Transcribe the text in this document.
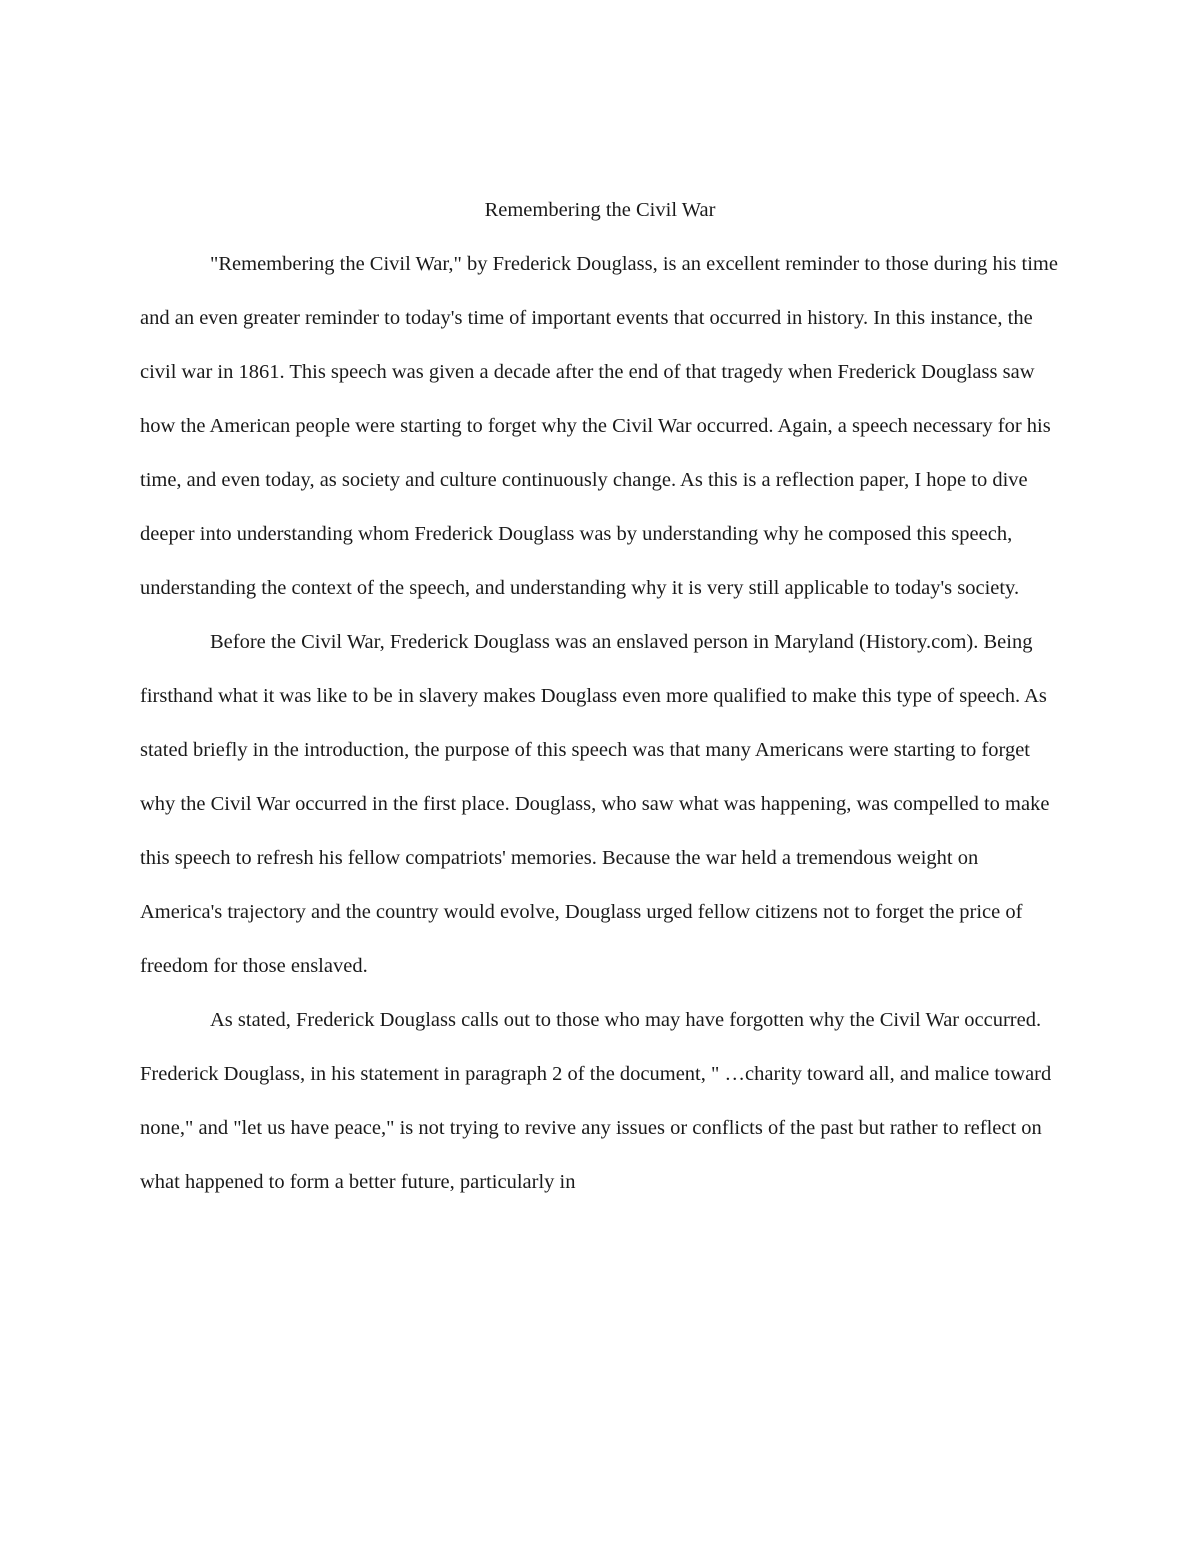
Remembering the Civil War

"Remembering the Civil War," by Frederick Douglass, is an excellent reminder to those during his time and an even greater reminder to today's time of important events that occurred in history. In this instance, the civil war in 1861. This speech was given a decade after the end of that tragedy when Frederick Douglass saw how the American people were starting to forget why the Civil War occurred. Again, a speech necessary for his time, and even today, as society and culture continuously change. As this is a reflection paper, I hope to dive deeper into understanding whom Frederick Douglass was by understanding why he composed this speech, understanding the context of the speech, and understanding why it is very still applicable to today's society.

Before the Civil War, Frederick Douglass was an enslaved person in Maryland (History.com). Being firsthand what it was like to be in slavery makes Douglass even more qualified to make this type of speech. As stated briefly in the introduction, the purpose of this speech was that many Americans were starting to forget why the Civil War occurred in the first place. Douglass, who saw what was happening, was compelled to make this speech to refresh his fellow compatriots' memories. Because the war held a tremendous weight on America's trajectory and the country would evolve, Douglass urged fellow citizens not to forget the price of freedom for those enslaved.

As stated, Frederick Douglass calls out to those who may have forgotten why the Civil War occurred. Frederick Douglass, in his statement in paragraph 2 of the document, " …charity toward all, and malice toward none," and "let us have peace," is not trying to revive any issues or conflicts of the past but rather to reflect on what happened to form a better future, particularly in
